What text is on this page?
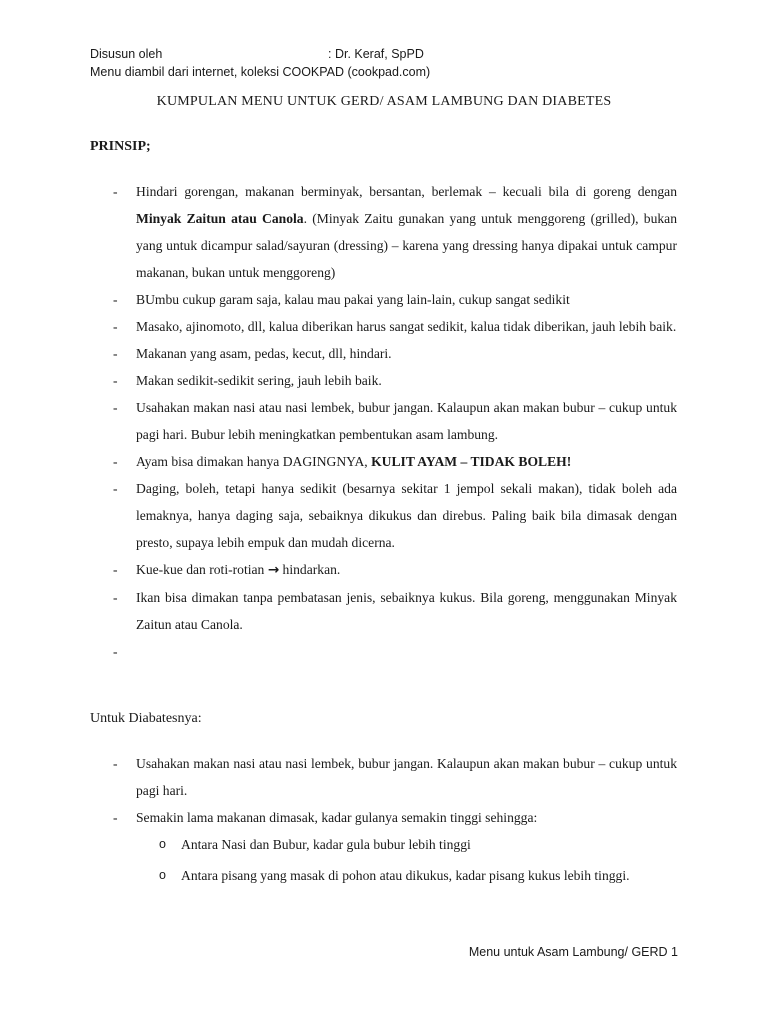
Disusun oleh	: Dr. Keraf, SpPD
Menu diambil dari internet, koleksi COOKPAD (cookpad.com)
KUMPULAN MENU UNTUK GERD/ ASAM LAMBUNG DAN DIABETES
PRINSIP;
- Hindari gorengan, makanan berminyak, bersantan, berlemak – kecuali bila di goreng dengan Minyak Zaitun atau Canola. (Minyak Zaitu gunakan yang untuk menggoreng (grilled), bukan yang untuk dicampur salad/sayuran (dressing) – karena yang dressing hanya dipakai untuk campur makanan, bukan untuk menggoreng)
- BUmbu cukup garam saja, kalau mau pakai yang lain-lain, cukup sangat sedikit
- Masako, ajinomoto, dll, kalua diberikan harus sangat sedikit, kalua tidak diberikan, jauh lebih baik.
- Makanan yang asam, pedas, kecut, dll, hindari.
- Makan sedikit-sedikit sering, jauh lebih baik.
- Usahakan makan nasi atau nasi lembek, bubur jangan. Kalaupun akan makan bubur – cukup untuk pagi hari. Bubur lebih meningkatkan pembentukan asam lambung.
- Ayam bisa dimakan hanya DAGINGNYA, KULIT AYAM – TIDAK BOLEH!
- Daging, boleh, tetapi hanya sedikit (besarnya sekitar 1 jempol sekali makan), tidak boleh ada lemaknya, hanya daging saja, sebaiknya dikukus dan direbus. Paling baik bila dimasak dengan presto, supaya lebih empuk dan mudah dicerna.
- Kue-kue dan roti-rotian → hindarkan.
- Ikan bisa dimakan tanpa pembatasan jenis, sebaiknya kukus. Bila goreng, menggunakan Minyak Zaitun atau Canola.
-

Untuk Diabatesnya:
- Usahakan makan nasi atau nasi lembek, bubur jangan. Kalaupun akan makan bubur – cukup untuk pagi hari.
- Semakin lama makanan dimasak, kadar gulanya semakin tinggi sehingga:
o Antara Nasi dan Bubur, kadar gula bubur lebih tinggi
o Antara pisang yang masak di pohon atau dikukus, kadar pisang kukus lebih tinggi.
Menu untuk Asam Lambung/ GERD 1
